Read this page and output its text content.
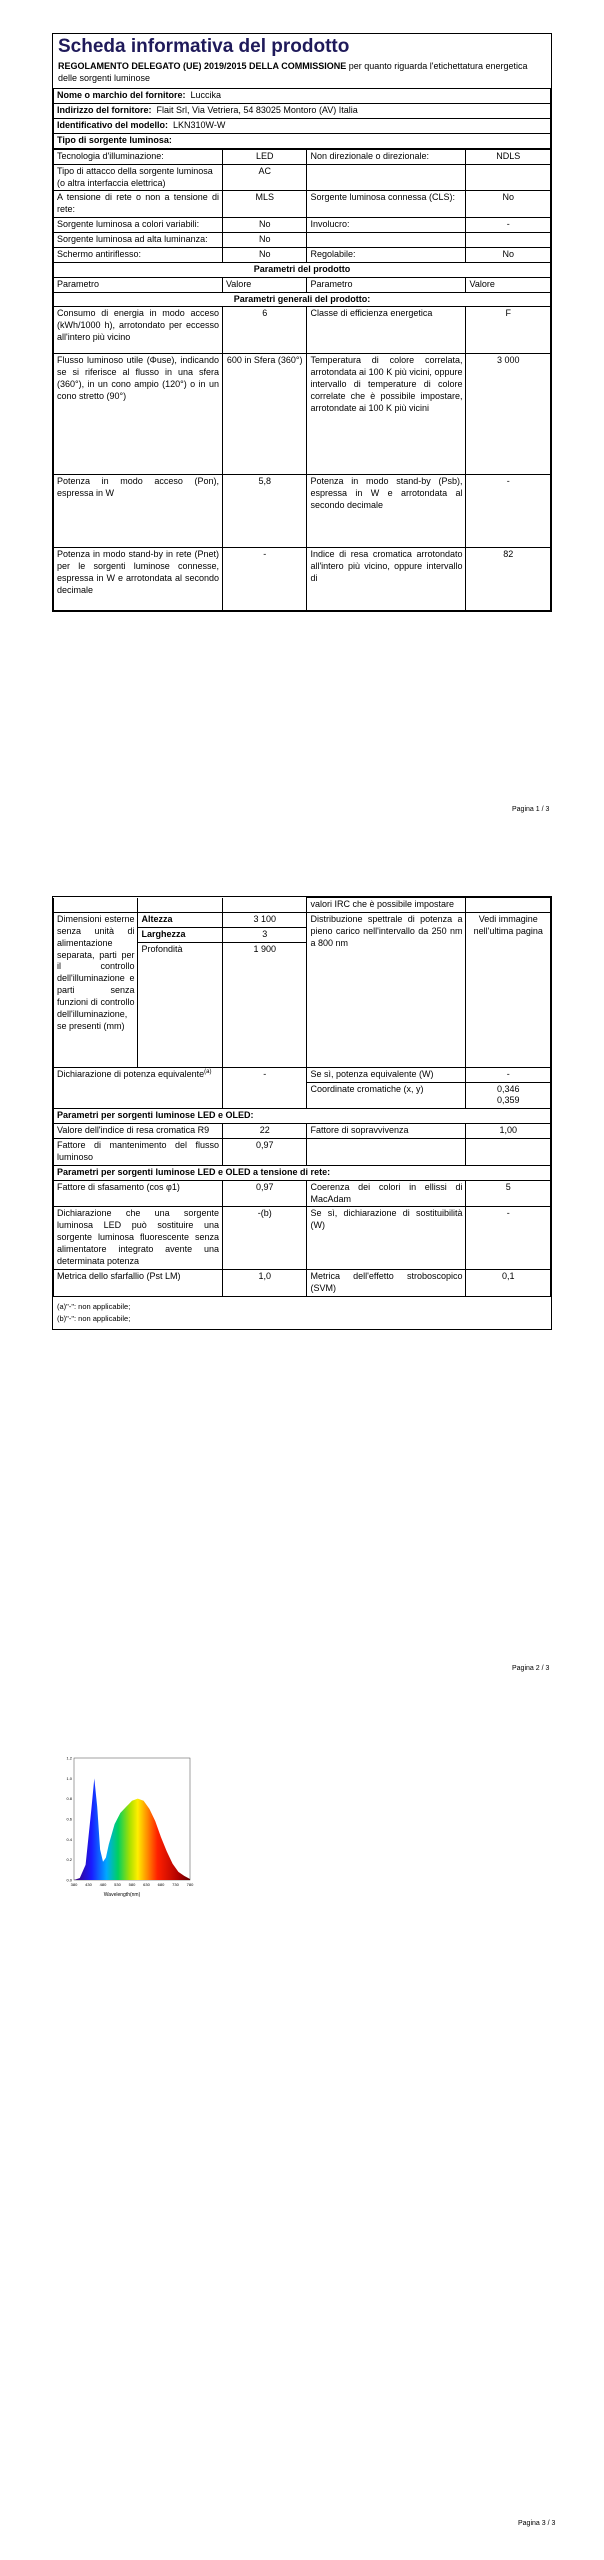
Scheda informativa del prodotto
REGOLAMENTO DELEGATO (UE) 2019/2015 DELLA COMMISSIONE per quanto riguarda l'etichettatura energetica delle sorgenti luminose
Nome o marchio del fornitore: Luccika
Indirizzo del fornitore: Flait Srl, Via Vetriera, 54 83025 Montoro (AV) Italia
Identificativo del modello: LKN310W-W
Tipo di sorgente luminosa:
Tecnologia d'illuminazione:	LED	Non direzionale o direzionale:	NDLS
Tipo di attacco della sorgente luminosa
(o altra interfaccia elettrica)	AC		
A tensione di rete o non a tensione di rete:	MLS	Sorgente luminosa connessa (CLS):	No
Sorgente luminosa a colori variabili:	No	Involucro:	-
Sorgente luminosa ad alta luminanza:	No		
Schermo antiriflesso:	No	Regolabile:	No
Parametri del prodotto			
Parametro	Valore	Parametro	Valore
Parametri generali del prodotto:			
Consumo di energia in modo acceso (kWh/1000 h), arrotondato per eccesso all'intero più vicino	6	Classe di efficienza energetica	F
Flusso luminoso utile (Φuse), indicando se si riferisce al flusso in una sfera (360°), in un cono ampio (120°) o in un cono stretto (90°)	600 in Sfera (360°)	Temperatura di colore correlata, arrotondata ai 100 K più vicini, oppure intervallo di temperature di colore correlate che è possibile impostare, arrotondate ai 100 K più vicini	3 000
Potenza in modo acceso (Pon), espressa in W	5,8	Potenza in modo stand-by (Psb), espressa in W e arrotondata al secondo decimale	-
Potenza in modo stand-by in rete (Pnet) per le sorgenti luminose connesse, espressa in W e arrotondata al secondo decimale	-	Indice di resa cromatica arrotondato all'intero più vicino, oppure intervallo di	82
Pagina 1 / 3
			valori IRC che è possibile impostare	
Dimensioni esterne senza unità di alimentazione separata, parti per il controllo dell'illuminazione e parti senza funzioni di controllo dell'illuminazione, se presenti (mm)	Altezza	3 100	Distribuzione spettrale di potenza a pieno carico nell'intervallo da 250 nm a 800 nm	Vedi immagine nell'ultima pagina
	Larghezza	3		
	Profondità	1 900		
Dichiarazione di potenza equivalente$^{(a)}$		-	Se sì, potenza equivalente (W)	-
			Coordinate cromatiche (x, y)	0,346
0,359
Parametri per sorgenti luminose LED e OLED:				
Valore dell'indice di resa cromatica R9		22	Fattore di sopravvivenza	1,00
Fattore di mantenimento del flusso luminoso		0,97		
Parametri per sorgenti luminose LED e OLED a tensione di rete:				
Fattore di sfasamento (cos φ1)		0,97	Coerenza dei colori in ellissi di MacAdam	5
Dichiarazione che una sorgente luminosa LED può sostituire una sorgente luminosa fluorescente senza alimentatore integrato avente una determinata potenza		-(b)	Se sì, dichiarazione di sostituibilità (W)	-
Metrica dello sfarfallio (Pst LM)		1,0	Metrica dell'effetto stroboscopico (SVM)	0,1
(a)"-": non applicabile;
(b)"-": non applicabile;
Pagina 2 / 3
1.2
1.0
0.8
0.6
0.4
0.2
0.0
380 430 480 530 580 630 680 730 780
Wavelength(nm)
Pagina 3 / 3
